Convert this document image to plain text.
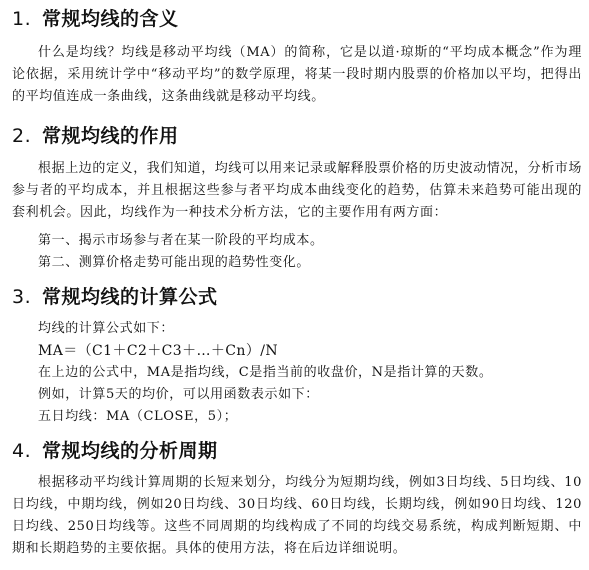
1. 常规均线的含义
什么是均线？均线是移动平均线（MA）的简称，它是以道·琼斯的“平均成本概念”作为理论依据，采用统计学中“移动平均”的数学原理，将某一段时期内股票的价格加以平均，把得出的平均值连成一条曲线，这条曲线就是移动平均线。
2. 常规均线的作用
根据上边的定义，我们知道，均线可以用来记录或解释股票价格的历史波动情况，分析市场参与者的平均成本，并且根据这些参与者平均成本曲线变化的趋势，估算未来趋势可能出现的套利机会。因此，均线作为一种技术分析方法，它的主要作用有两方面：
第一、揭示市场参与者在某一阶段的平均成本。
第二、测算价格走势可能出现的趋势性变化。
3. 常规均线的计算公式
均线的计算公式如下：
MA＝（C1＋C2＋C3＋…＋Cn）/N
在上边的公式中，MA是指均线，C是指当前的收盘价，N是指计算的天数。
例如，计算5天的均价，可以用函数表示如下：
五日均线：MA（CLOSE，5）；
4. 常规均线的分析周期
根据移动平均线计算周期的长短来划分，均线分为短期均线，例如3日均线、5日均线、10日均线，中期均线，例如20日均线、30日均线、60日均线，长期均线，例如90日均线、120日均线、250日均线等。这些不同周期的均线构成了不同的均线交易系统，构成判断短期、中期和长期趋势的主要依据。具体的使用方法，将在后边详细说明。
